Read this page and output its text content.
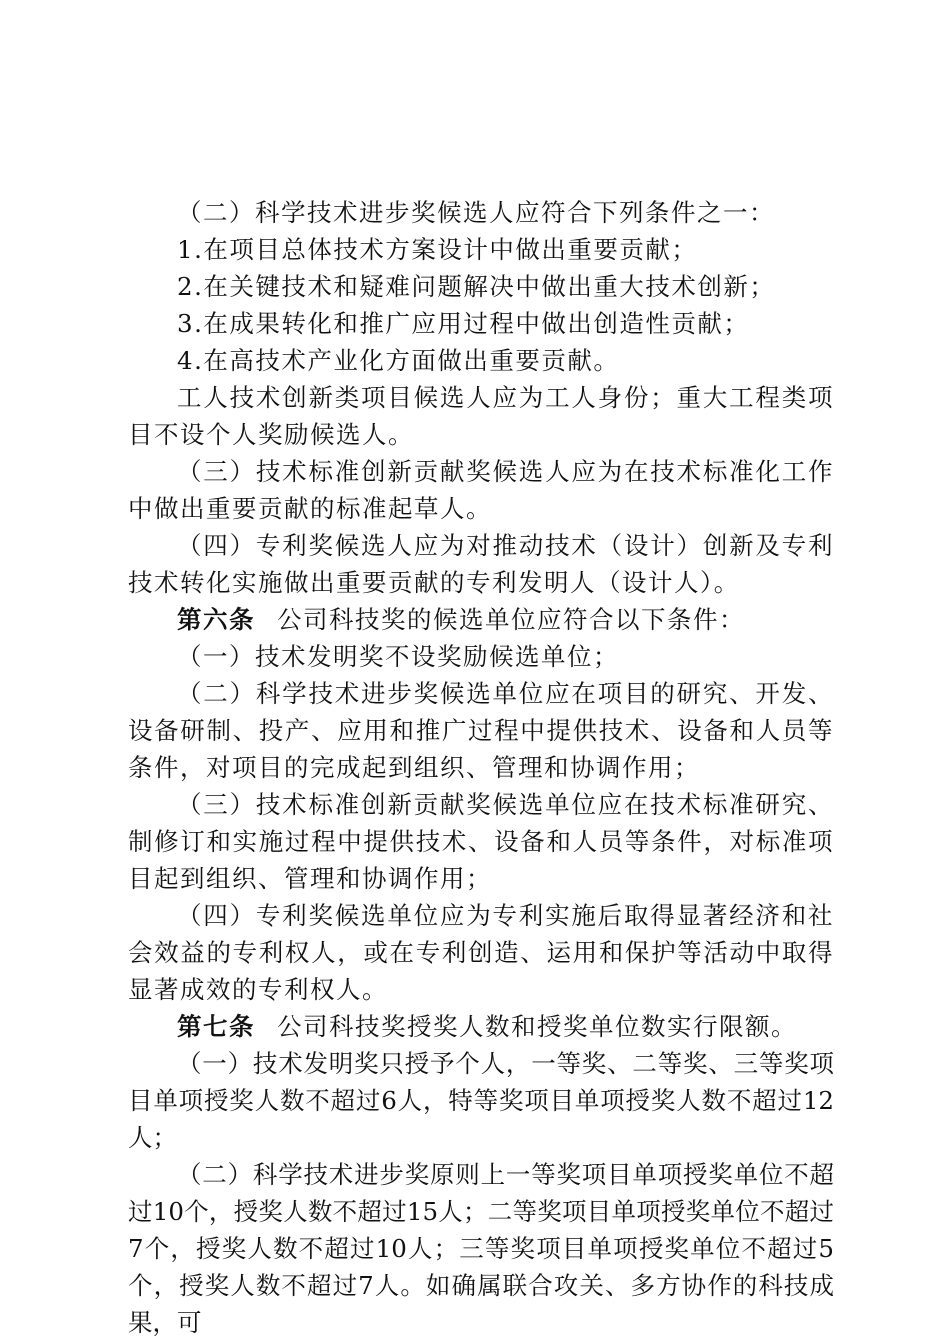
（二）科学技术进步奖候选人应符合下列条件之一：

1.在项目总体技术方案设计中做出重要贡献；

2.在关键技术和疑难问题解决中做出重大技术创新；

3.在成果转化和推广应用过程中做出创造性贡献；

4.在高技术产业化方面做出重要贡献。

工人技术创新类项目候选人应为工人身份；重大工程类项目不设个人奖励候选人。

（三）技术标准创新贡献奖候选人应为在技术标准化工作中做出重要贡献的标准起草人。

（四）专利奖候选人应为对推动技术（设计）创新及专利技术转化实施做出重要贡献的专利发明人（设计人）。

第六条 公司科技奖的候选单位应符合以下条件：

（一）技术发明奖不设奖励候选单位；

（二）科学技术进步奖候选单位应在项目的研究、开发、设备研制、投产、应用和推广过程中提供技术、设备和人员等条件，对项目的完成起到组织、管理和协调作用；

（三）技术标准创新贡献奖候选单位应在技术标准研究、制修订和实施过程中提供技术、设备和人员等条件，对标准项目起到组织、管理和协调作用；

（四）专利奖候选单位应为专利实施后取得显著经济和社会效益的专利权人，或在专利创造、运用和保护等活动中取得显著成效的专利权人。

第七条 公司科技奖授奖人数和授奖单位数实行限额。

（一）技术发明奖只授予个人，一等奖、二等奖、三等奖项目单项授奖人数不超过6人，特等奖项目单项授奖人数不超过12人；

（二）科学技术进步奖原则上一等奖项目单项授奖单位不超过10个，授奖人数不超过15人；二等奖项目单项授奖单位不超过7个，授奖人数不超过10人；三等奖项目单项授奖单位不超过5个，授奖人数不超过7人。如确属联合攻关、多方协作的科技成果，可
